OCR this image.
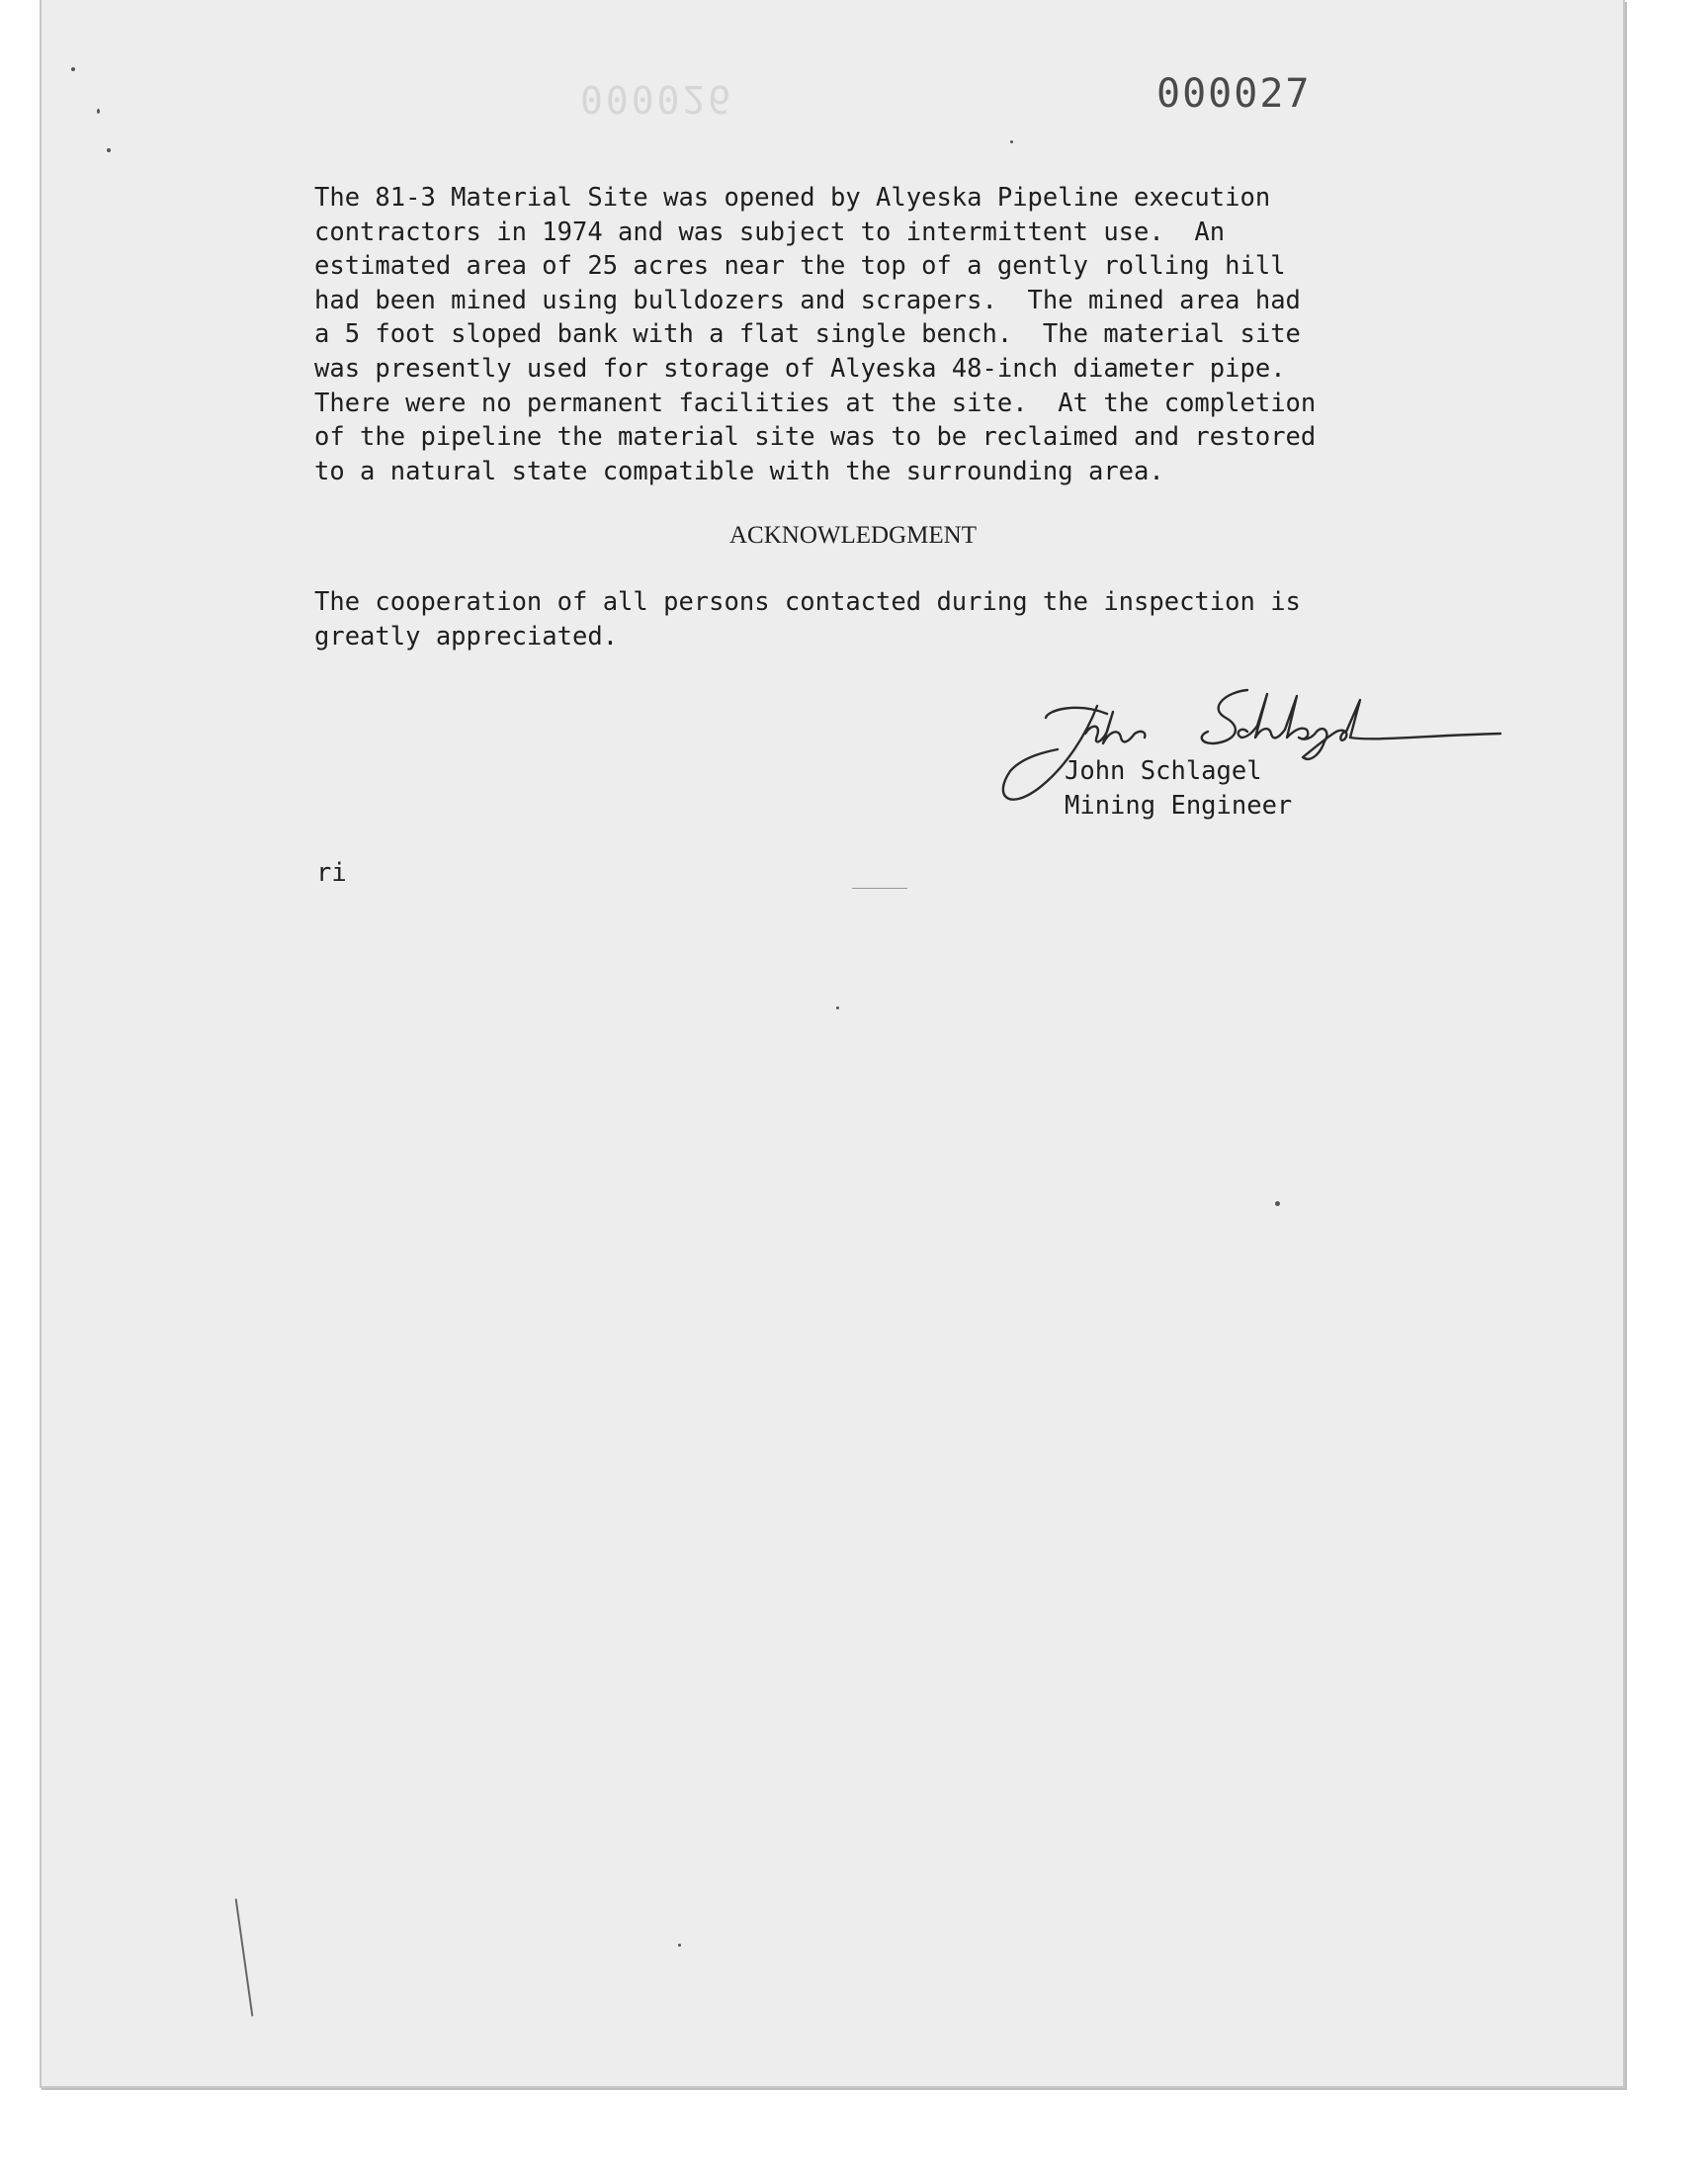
000026	000027

The 81-3 Material Site was opened by Alyeska Pipeline execution
contractors in 1974 and was subject to intermittent use.  An
estimated area of 25 acres near the top of a gently rolling hill
had been mined using bulldozers and scrapers.  The mined area had
a 5 foot sloped bank with a flat single bench.  The material site
was presently used for storage of Alyeska 48-inch diameter pipe.
There were no permanent facilities at the site.  At the completion
of the pipeline the material site was to be reclaimed and restored
to a natural state compatible with the surrounding area.

ACKNOWLEDGMENT

The cooperation of all persons contacted during the inspection is
greatly appreciated.

John Schlagel
Mining Engineer

ri
